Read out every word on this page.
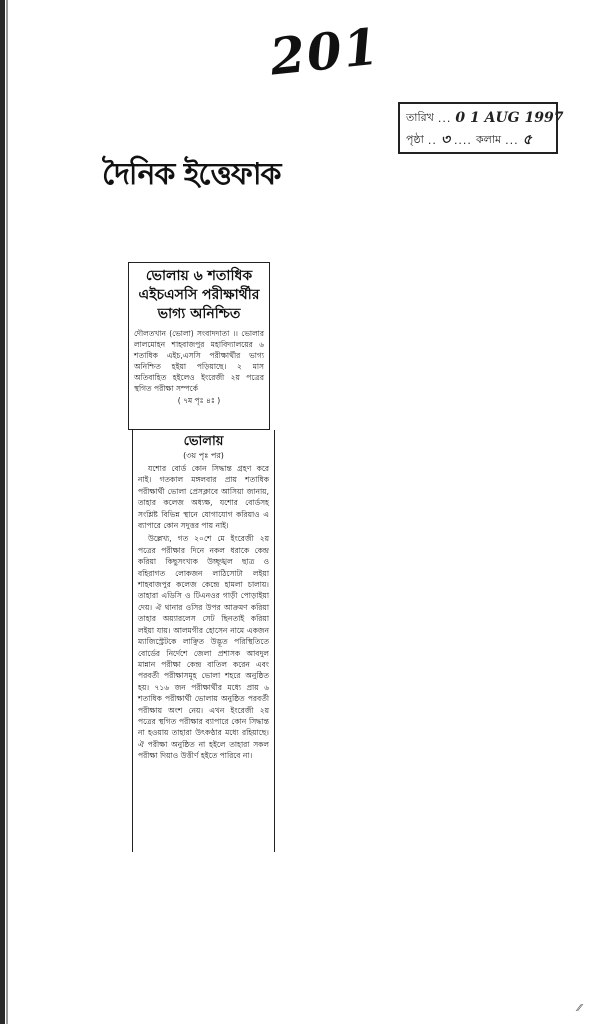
201
তারিখ ... 0 1 AUG 1997
পৃষ্ঠা .. ৩ .... কলাম ... ৫
দৈনিক ইত্তেফাক
ভোলায় ৬ শতাধিক এইচএসসি পরীক্ষার্থীর ভাগ্য অনিশ্চিত
দৌলতখান (ভোলা) সংবাদদাতা ।। ভোলার লালমোহন শাহবাজপুর মহাবিদ্যালয়ের ৬ শতাধিক এইচ,এসসি পরীক্ষার্থীর ভাগ্য অনিশ্চিত হইয়া পড়িয়াছে। ২ মাস অতিবাহিত হইলেও ইংরেজী ২য় পত্রের স্থগিত পরীক্ষা সম্পর্কে
( ৭ম পৃঃ ৪ঃ )
ভোলায়
(৩য় পৃঃ পর)

যশোর বোর্ড কোন সিদ্ধান্ত গ্রহণ করে নাই। গতকাল মঙ্গলবার প্রায় শতাধিক পরীক্ষার্থী ভোলা প্রেসক্লাবে আসিয়া জানায়, তাহার কলেজ অধ্যক্ষ, যশোর বোর্ডসহ সংশ্লিষ্ট বিভিন্ন স্থানে যোগাযোগ করিয়াও এ ব্যাপারে কোন সদুত্তর পায় নাই।

উল্লেখ্য, গত ২০শে মে ইংরেজী ২য় পত্রের পরীক্ষার দিনে নকল ধরাকে কেন্দ্র করিয়া কিছুসংখ্যক উচ্ছৃঙ্খল ছাত্র ও বহিরাগত লোকজন লাঠিসোটা লইয়া শাহবাজপুর কলেজ কেন্দ্রে হামলা চালায়। তাহারা এডিসি ও টিএনওর গাড়ী পোড়াইয়া দেয়। ঐ থানার ওসির উপর আক্রমণ করিয়া তাহার অয়্যারলেস সেট ছিনতাই করিয়া লইয়া যায়। আলমগীর হোসেন নামে একজন ম্যাজিস্ট্রেটকে লাঞ্ছিত উদ্ভূত পরিস্থিতিতে বোর্ডের নির্দেশে জেলা প্রশাসক আবদুল মান্নান পরীক্ষা কেন্দ্র বাতিল করেন এবং পরবর্তী পরীক্ষাসমূহ ভোলা শহরে অনুষ্ঠিত হয়। ৭১৬ জন পরীক্ষার্থীর মধ্যে প্রায় ৬ শতাধিক পরীক্ষার্থী ভোলায় অনুষ্ঠিত পরবর্তী পরীক্ষায় অংশ নেয়। এখন ইংরেজী ২য় পত্রের স্থগিত পরীক্ষার ব্যাপারে কোন সিদ্ধান্ত না হওয়ায় তাহারা উৎকণ্ঠার মধ্যে রহিয়াছে। ঐ পরীক্ষা অনুষ্ঠিত না হইলে তাহারা সকল পরীক্ষা দিয়াও উত্তীর্ণ হইতে পারিবে না।

⁄⁄
